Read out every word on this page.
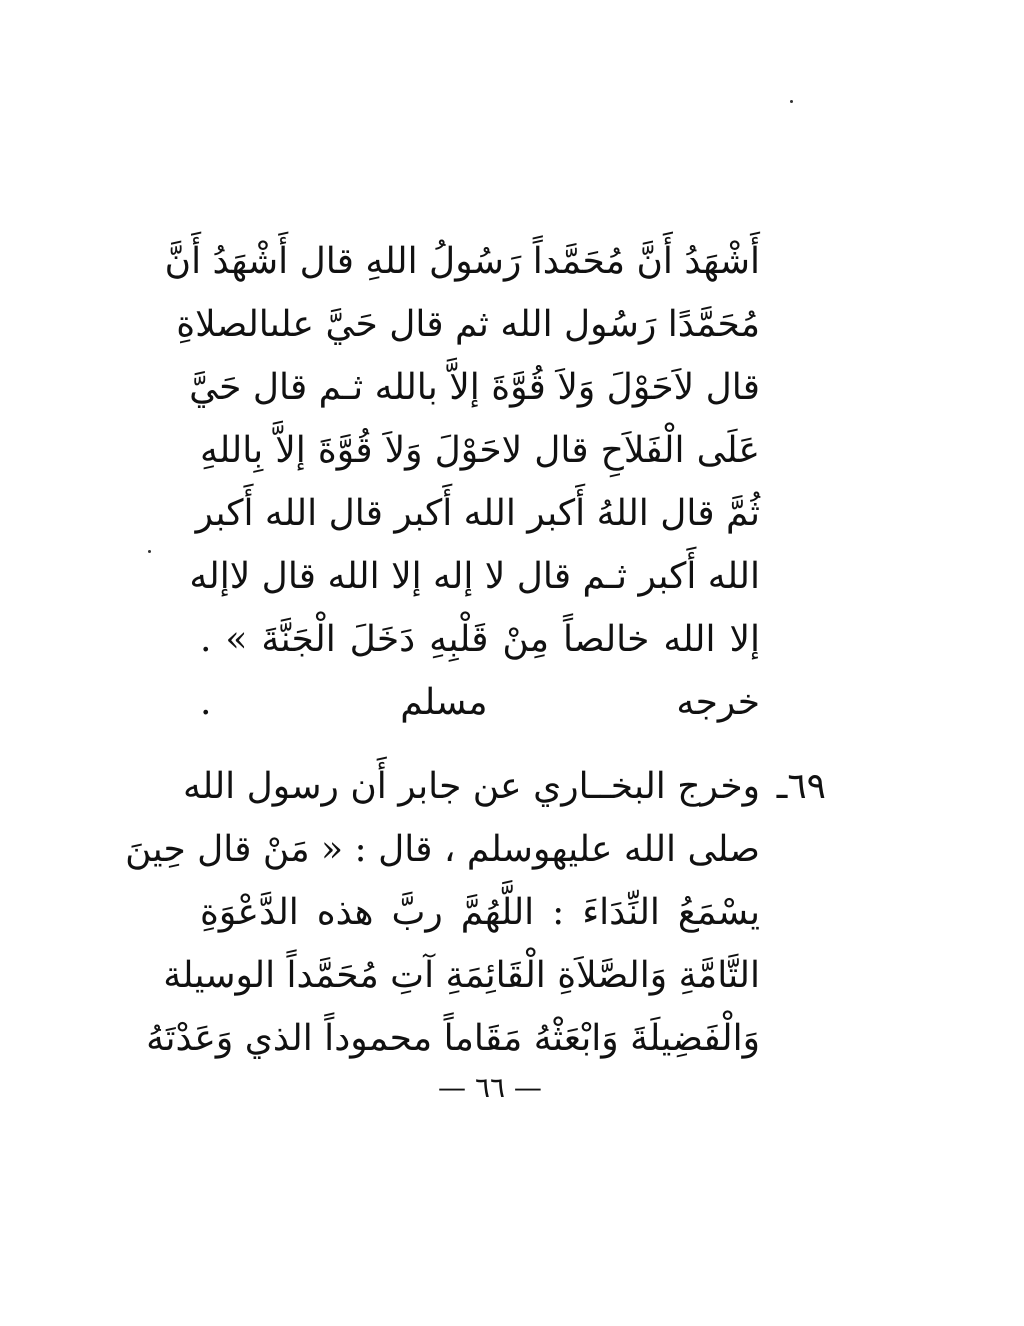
أَشْهَدُ أَنَّ مُحَمَّداً رَسُولُ اللهِ قال أَشْهَدُ أَنَّ
مُحَمَّدًا رَسُول الله ثم قال حَيَّ علىالصلاةِ
قال لاَحَوْلَ وَلاَ قُوَّةَ إلاَّ بالله ثـم قال حَيَّ
عَلَى الْفَلاَحِ قال لاحَوْلَ وَلاَ قُوَّةَ إلاَّ بِاللهِ
ثُمَّ قال اللهُ أَكبر الله أَكبر قال الله أَكبر
الله أَكبر ثـم قال لا إله إلا الله قال لاإله
إلا الله خالصاً مِنْ قَلْبِهِ دَخَلَ الْجَنَّةَ » .
خرجه مسلم .
وخرج البخــاري عن جابر أَن رسول الله ٦٩ـ
صلى الله عليهوسلم ، قال : « مَنْ قال حِينَ
يسْمَعُ النِّدَاءَ : اللَّهُمَّ ربَّ هذه الدَّعْوَةِ
التَّامَّةِ وَالصَّلاَةِ الْقَائِمَةِ آتِ مُحَمَّداً الوسيلة
وَالْفَضِيلَةَ وَابْعَثْهُ مَقَاماً محموداً الذي وَعَدْتَهُ
— ٦٦ —
